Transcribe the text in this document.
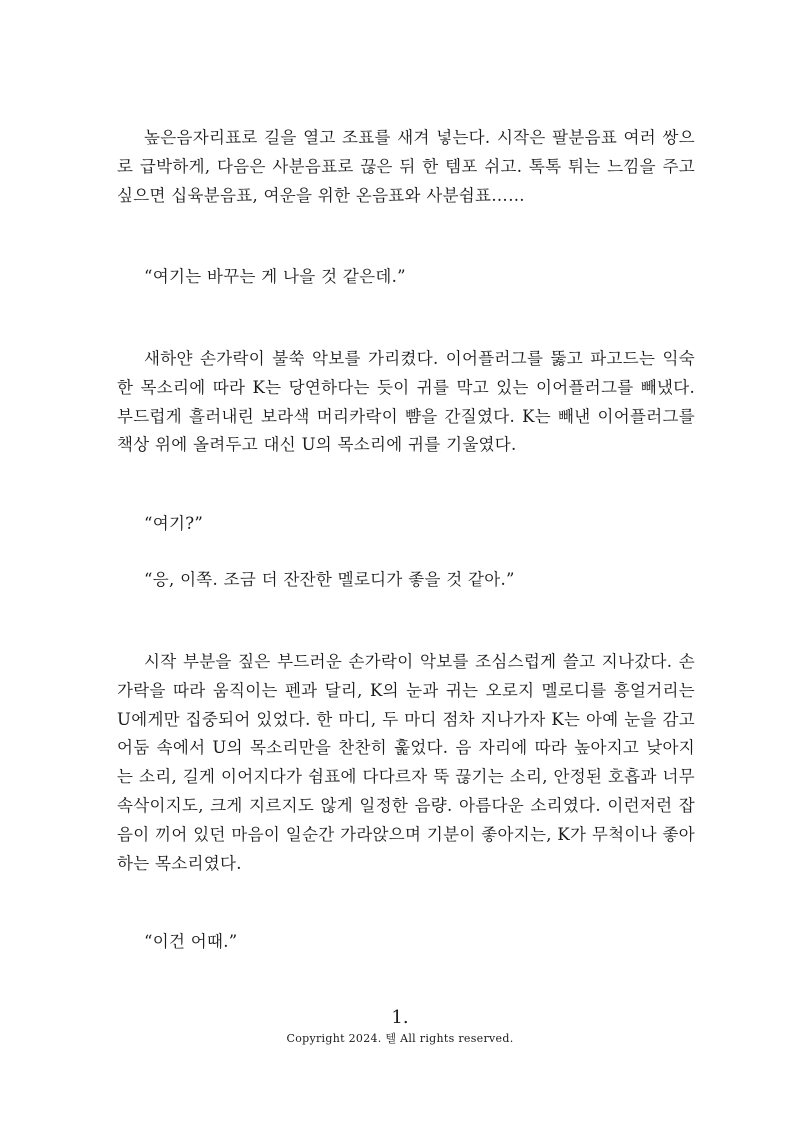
높은음자리표로 길을 열고 조표를 새겨 넣는다. 시작은 팔분음표 여러 쌍으로 급박하게, 다음은 사분음표로 끊은 뒤 한 템포 쉬고. 톡톡 튀는 느낌을 주고 싶으면 십육분음표, 여운을 위한 온음표와 사분쉼표……

“여기는 바꾸는 게 나을 것 같은데.”

새하얀 손가락이 불쑥 악보를 가리켰다. 이어플러그를 뚫고 파고드는 익숙한 목소리에 따라 K는 당연하다는 듯이 귀를 막고 있는 이어플러그를 빼냈다. 부드럽게 흘러내린 보라색 머리카락이 뺨을 간질였다. K는 빼낸 이어플러그를 책상 위에 올려두고 대신 U의 목소리에 귀를 기울였다.

“여기?”

“응, 이쪽. 조금 더 잔잔한 멜로디가 좋을 것 같아.”

시작 부분을 짚은 부드러운 손가락이 악보를 조심스럽게 쓸고 지나갔다. 손가락을 따라 움직이는 펜과 달리, K의 눈과 귀는 오로지 멜로디를 흥얼거리는 U에게만 집중되어 있었다. 한 마디, 두 마디 점차 지나가자 K는 아예 눈을 감고 어둠 속에서 U의 목소리만을 찬찬히 훑었다. 음 자리에 따라 높아지고 낮아지는 소리, 길게 이어지다가 쉼표에 다다르자 뚝 끊기는 소리, 안정된 호흡과 너무 속삭이지도, 크게 지르지도 않게 일정한 음량. 아름다운 소리였다. 이런저런 잡음이 끼어 있던 마음이 일순간 가라앉으며 기분이 좋아지는, K가 무척이나 좋아하는 목소리였다.

“이건 어때.”

1.
Copyright 2024. 텔 All rights reserved.
